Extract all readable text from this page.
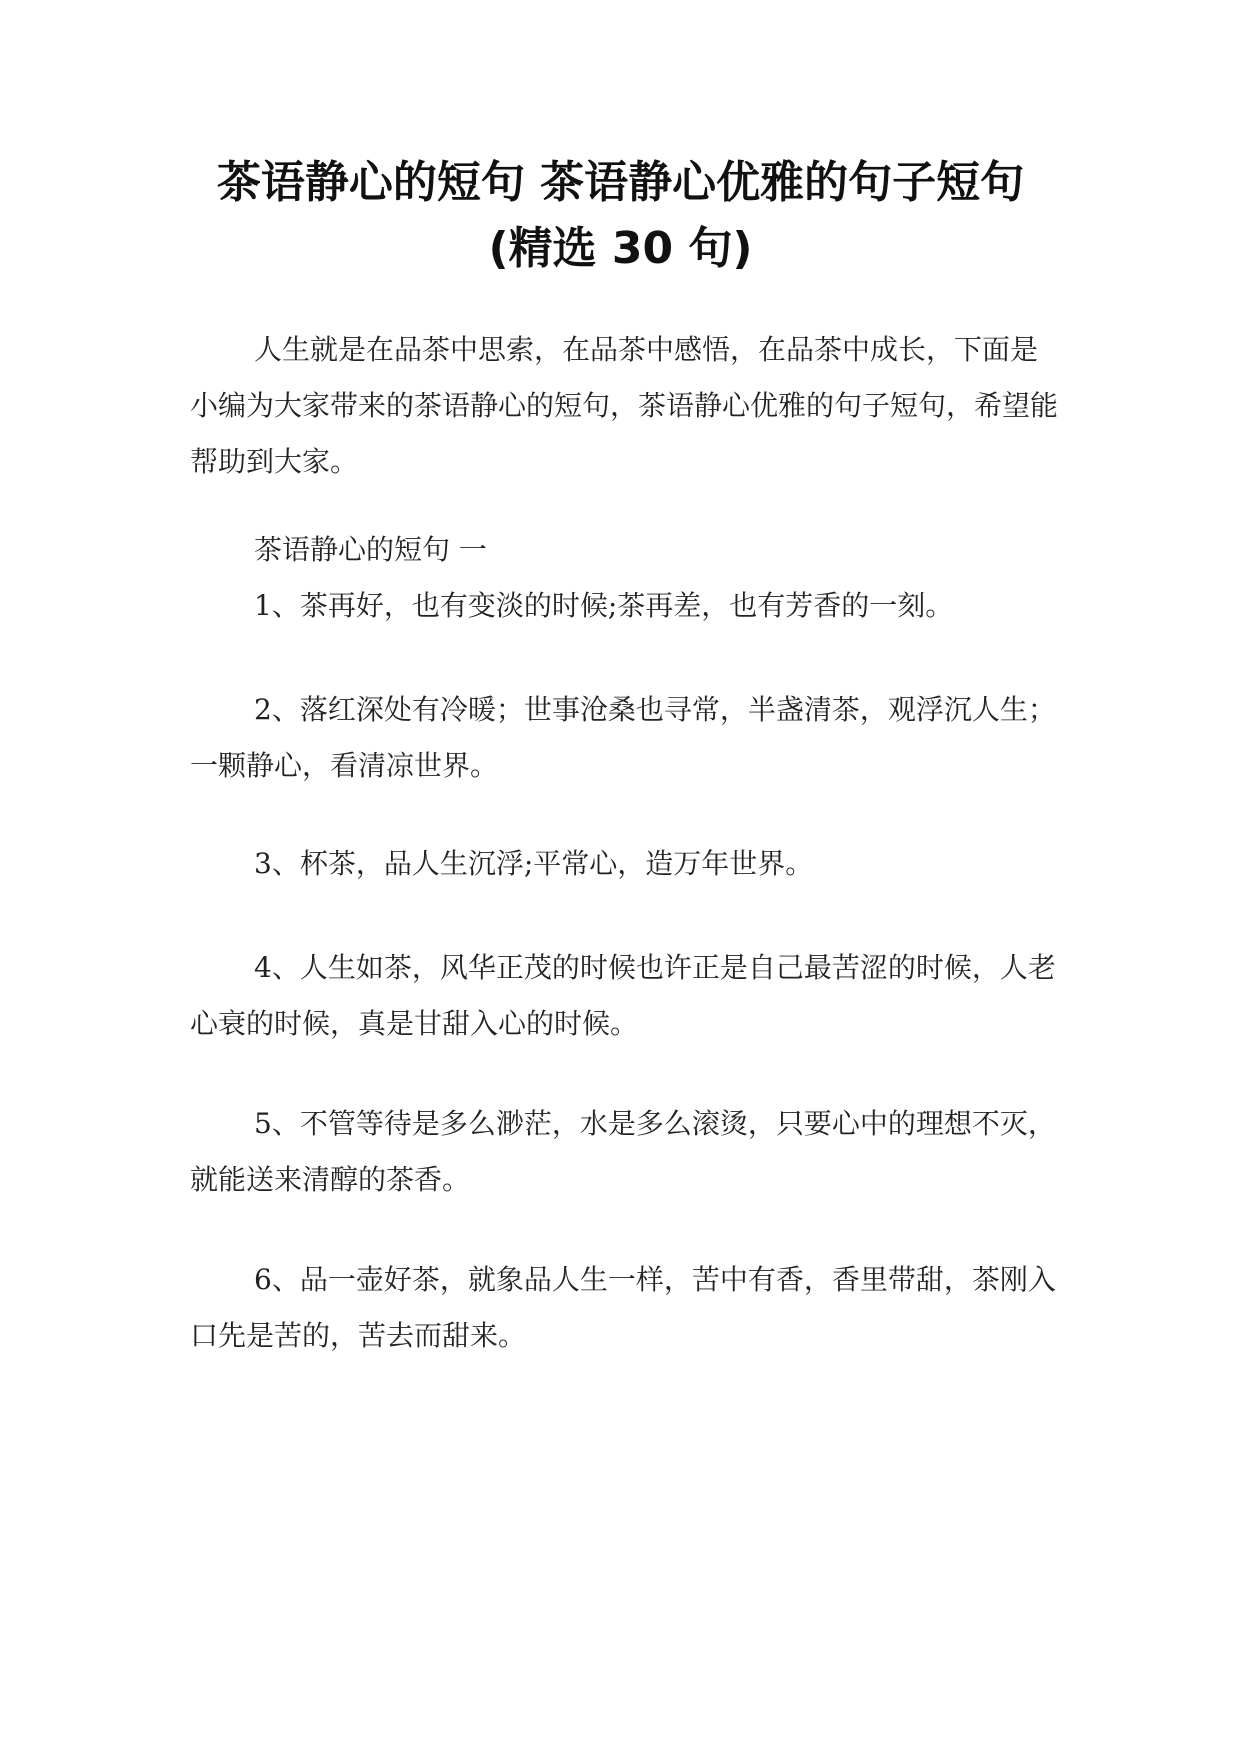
茶语静心的短句 茶语静心优雅的句子短句
(精选 30 句)

人生就是在品茶中思索，在品茶中感悟，在品茶中成长，下面是小编为大家带来的茶语静心的短句，茶语静心优雅的句子短句，希望能帮助到大家。

茶语静心的短句 一

1、茶再好，也有变淡的时候;茶再差，也有芳香的一刻。

2、落红深处有冷暖；世事沧桑也寻常，半盏清茶，观浮沉人生；一颗静心，看清凉世界。

3、杯茶，品人生沉浮;平常心，造万年世界。

4、人生如茶，风华正茂的时候也许正是自己最苦涩的时候，人老心衰的时候，真是甘甜入心的时候。

5、不管等待是多么渺茫，水是多么滚烫，只要心中的理想不灭，就能送来清醇的茶香。

6、品一壶好茶，就象品人生一样，苦中有香，香里带甜，茶刚入口先是苦的，苦去而甜来。
